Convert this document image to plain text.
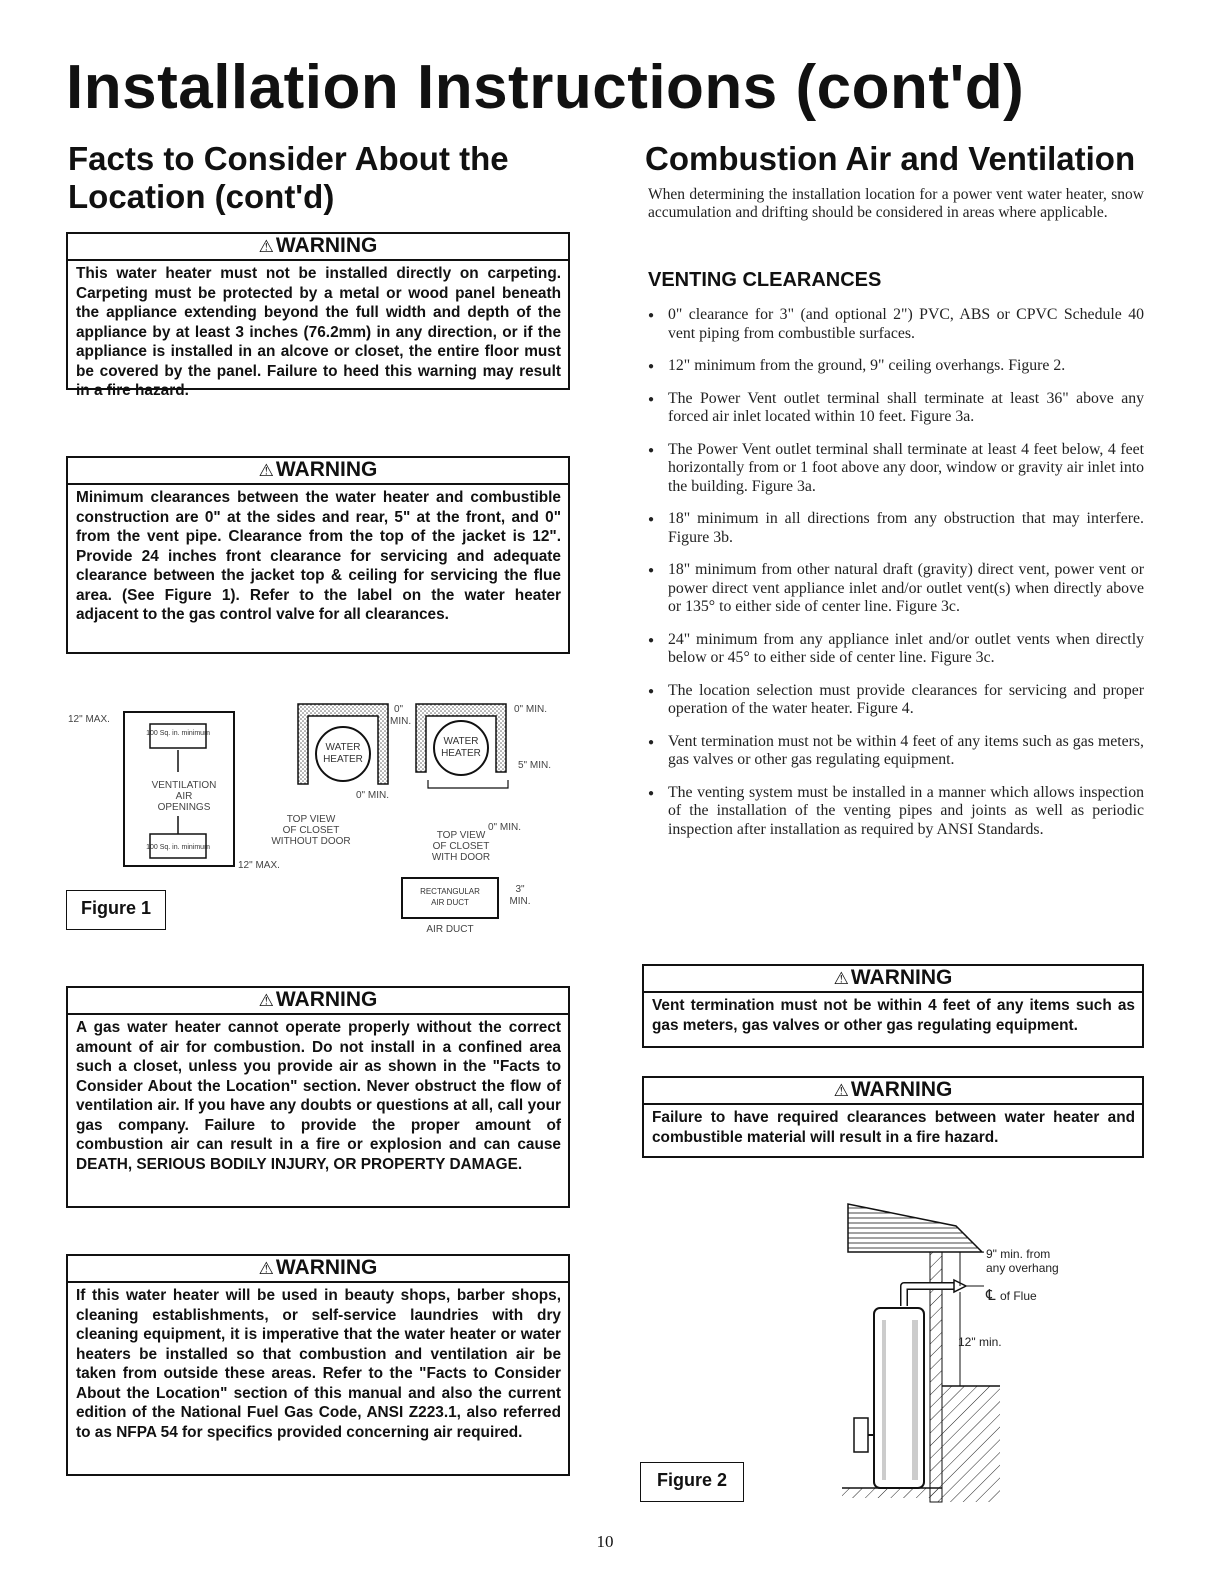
Installation Instructions (cont'd)
Facts to Consider About the
Location (cont'd)
⚠WARNING
This water heater must not be installed directly on carpeting. Carpeting must be protected by a metal or wood panel beneath the appliance extending beyond the full width and depth of the appliance by at least 3 inches (76.2mm) in any direction, or if the appliance is installed in an alcove or closet, the entire floor must be covered by the panel. Failure to heed this warning may result in a fire hazard.
⚠WARNING
Minimum clearances between the water heater and combustible construction are 0" at the sides and rear, 5" at the front, and 0" from the vent pipe. Clearance from the top of the jacket is 12". Provide 24 inches front clearance for servicing and adequate clearance between the jacket top & ceiling for servicing the flue area. (See Figure 1). Refer to the label on the water heater adjacent to the gas control valve for all clearances.
12" MAX.
100 Sq. in. minimum
VENTILATION
AIR
OPENINGS
100 Sq. in. minimum
12" MAX.
WATER
HEATER
0"
MIN.
0" MIN.
TOP VIEW
OF CLOSET
WITHOUT DOOR
WATER
HEATER
0" MIN.
5" MIN.
0" MIN.
TOP VIEW
OF CLOSET
WITH DOOR
RECTANGULAR
AIR DUCT
3"
MIN.
AIR DUCT
Figure 1
⚠WARNING
A gas water heater cannot operate properly without the correct amount of air for combustion. Do not install in a confined area such a closet, unless you provide air as shown in the "Facts to Consider About the Location" section. Never obstruct the flow of ventilation air. If you have any doubts or questions at all, call your gas company. Failure to provide the proper amount of combustion air can result in a fire or explosion and can cause DEATH, SERIOUS BODILY INJURY, OR PROPERTY DAMAGE.
⚠WARNING
If this water heater will be used in beauty shops, barber shops, cleaning establishments, or self-service laundries with dry cleaning equipment, it is imperative that the water heater or water heaters be installed so that combustion and ventilation air be taken from outside these areas. Refer to the "Facts to Consider About the Location" section of this manual and also the current edition of the National Fuel Gas Code, ANSI Z223.1, also referred to as NFPA 54 for specifics provided concerning air required.
Combustion Air and Ventilation
When determining the installation location for a power vent water heater, snow accumulation and drifting should be considered in areas where applicable.
VENTING CLEARANCES
● 0" clearance for 3" (and optional 2") PVC, ABS or CPVC Schedule 40 vent piping from combustible surfaces.
● 12" minimum from the ground, 9" ceiling overhangs. Figure 2.
● The Power Vent outlet terminal shall terminate at least 36" above any forced air inlet located within 10 feet. Figure 3a.
● The Power Vent outlet terminal shall terminate at least 4 feet below, 4 feet horizontally from or 1 foot above any door, window or gravity air inlet into the building. Figure 3a.
● 18" minimum in all directions from any obstruction that may interfere. Figure 3b.
● 18" minimum from other natural draft (gravity) direct vent, power vent or power direct vent appliance inlet and/or outlet vent(s) when directly above or 135° to either side of center line. Figure 3c.
● 24" minimum from any appliance inlet and/or outlet vents when directly below or 45° to either side of center line. Figure 3c.
● The location selection must provide clearances for servicing and proper operation of the water heater. Figure 4.
● Vent termination must not be within 4 feet of any items such as gas meters, gas valves or other gas regulating equipment.
● The venting system must be installed in a manner which allows inspection of the installation of the venting pipes and joints as well as periodic inspection after installation as required by ANSI Standards.
⚠WARNING
Vent termination must not be within 4 feet of any items such as gas meters, gas valves or other gas regulating equipment.
⚠WARNING
Failure to have required clearances between water heater and combustible material will result in a fire hazard.
9" min. from
any overhang
℄ of Flue
12" min.
Figure 2
10
